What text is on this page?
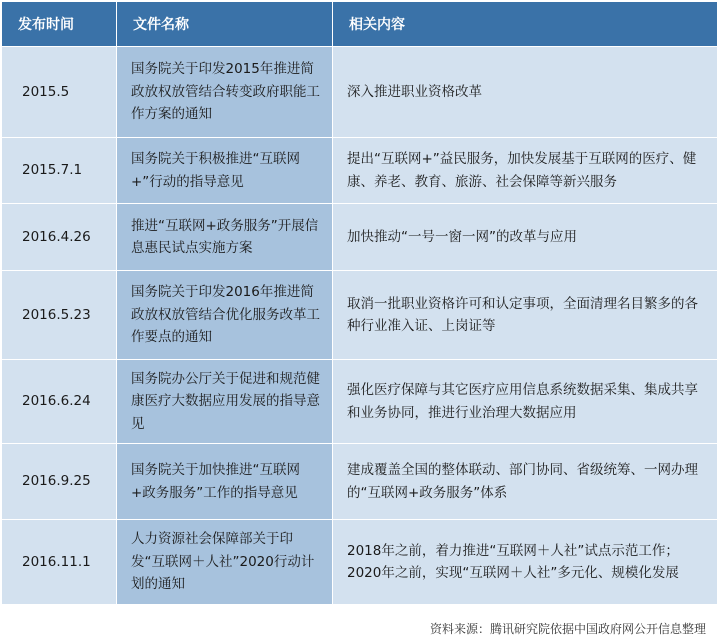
发布时间	文件名称	相关内容
2015.5	国务院关于印发2015年推进简政放权放管结合转变政府职能工作方案的通知	深入推进职业资格改革
2015.7.1	国务院关于积极推进“互联网+”行动的指导意见	提出“互联网+”益民服务，加快发展基于互联网的医疗、健康、养老、教育、旅游、社会保障等新兴服务
2016.4.26	推进“互联网+政务服务”开展信息惠民试点实施方案	加快推动“一号一窗一网”的改革与应用
2016.5.23	国务院关于印发2016年推进简政放权放管结合优化服务改革工作要点的通知	取消一批职业资格许可和认定事项，全面清理名目繁多的各种行业准入证、上岗证等
2016.6.24	国务院办公厅关于促进和规范健康医疗大数据应用发展的指导意见	强化医疗保障与其它医疗应用信息系统数据采集、集成共享和业务协同，推进行业治理大数据应用
2016.9.25	国务院关于加快推进“互联网+政务服务”工作的指导意见	建成覆盖全国的整体联动、部门协同、省级统筹、一网办理的“互联网+政务服务”体系
2016.11.1	人力资源社会保障部关于印发“互联网＋人社”2020行动计划的通知	2018年之前，着力推进“互联网＋人社”试点示范工作；2020年之前，实现“互联网＋人社”多元化、规模化发展
资料来源：腾讯研究院依据中国政府网公开信息整理
